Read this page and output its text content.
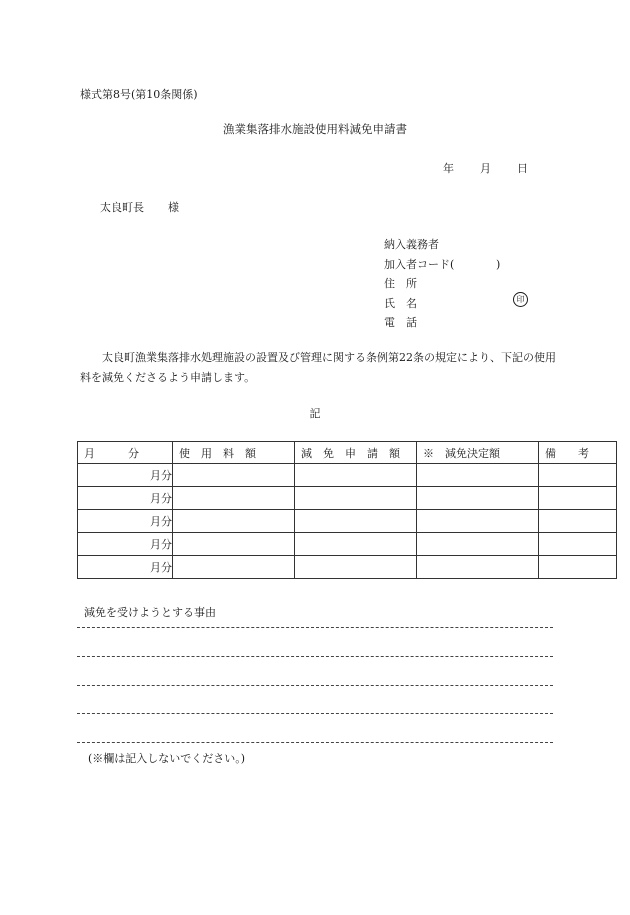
様式第8号(第10条関係)
漁業集落排水施設使用料減免申請書
年 月 日
太良町長 様
納入義務者
加入者コード(	)
住　所
氏　名
電　話
印
太良町漁業集落排水処理施設の設置及び管理に関する条例第22条の規定により、下記の使用料を減免くださるよう申請します。
記
月　　　分	使　用　料　額	減　免　申　請　額	※　減免決定額	備　　考
月分				
月分				
月分				
月分				
月分				
減免を受けようとする事由
(※欄は記入しないでください。)
